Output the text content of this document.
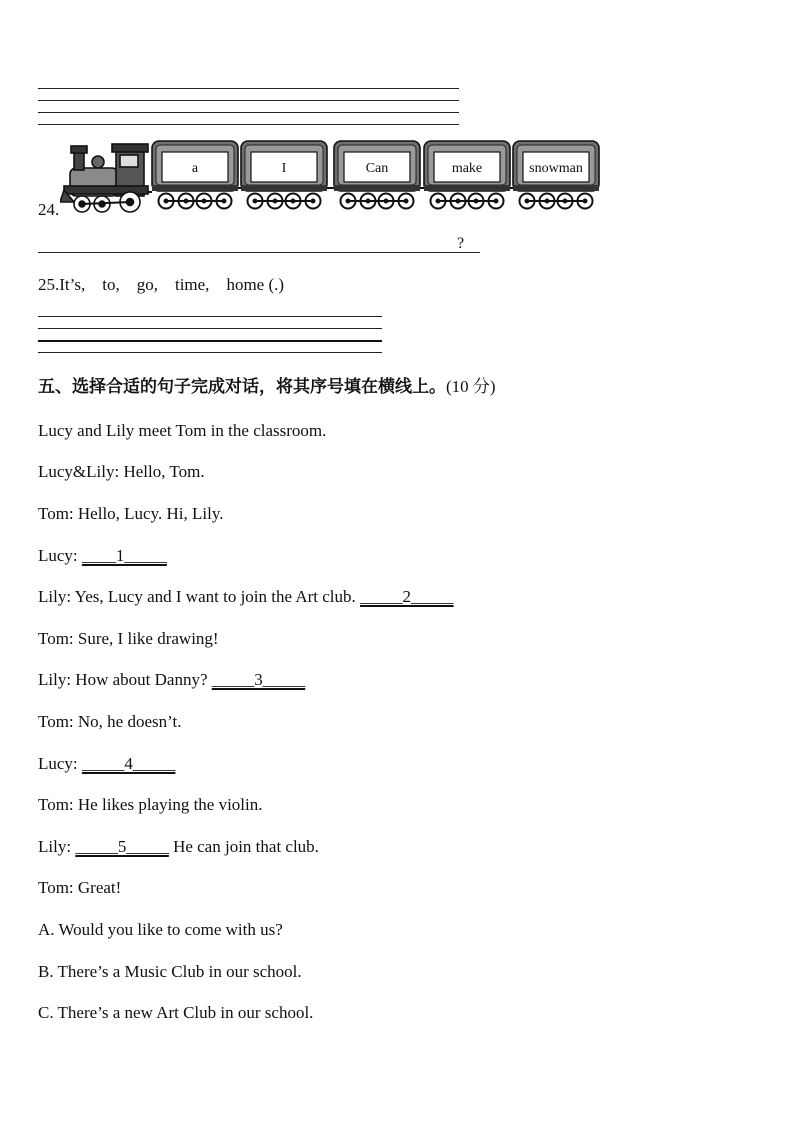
24.
a	I	Can	make	snowman
?
25.It’s, to, go, time, home (.)
五、选择合适的句子完成对话，将其序号填在横线上。(10 分)
Lucy and Lily meet Tom in the classroom.
Lucy&Lily: Hello, Tom.
Tom: Hello, Lucy. Hi, Lily.
Lucy: ____1_____
Lily: Yes, Lucy and I want to join the Art club. _____2_____
Tom: Sure, I like drawing!
Lily: How about Danny? _____3_____
Tom: No, he doesn’t.
Lucy: _____4_____
Tom: He likes playing the violin.
Lily: _____5_____ He can join that club.
Tom: Great!
A. Would you like to come with us?
B. There’s a Music Club in our school.
C. There’s a new Art Club in our school.
